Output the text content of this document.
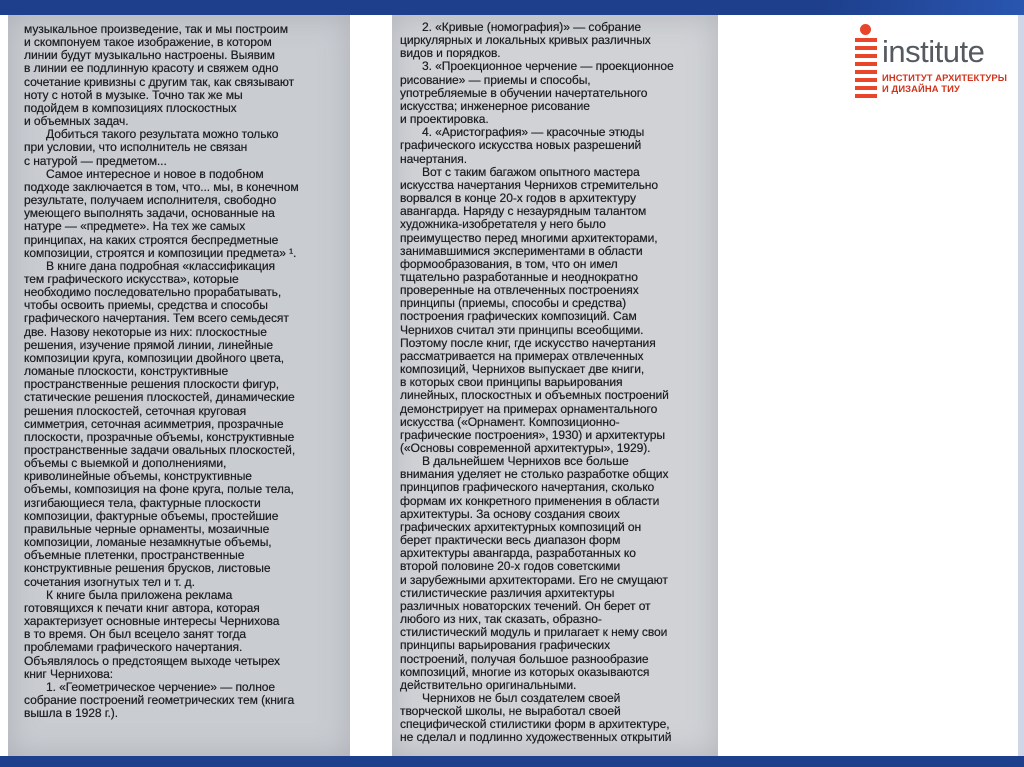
музыкальное произведение, так и мы построим

и скомпонуем такое изображение, в котором

линии будут музыкально настроены. Выявим

в линии ее подлинную красоту и свяжем одно

сочетание кривизны с другим так, как связывают

ноту с нотой в музыке. Точно так же мы

подойдем в композициях плоскостных

и объемных задач.

Добиться такого результата можно только

при условии, что исполнитель не связан

с натурой — предметом...

Самое интересное и новое в подобном

подходе заключается в том, что... мы, в конечном

результате, получаем исполнителя, свободно

умеющего выполнять задачи, основанные на

натуре — «предмете». На тех же самых

принципах, на каких строятся беспредметные

композиции, строятся и композиции предмета» ¹.

В книге дана подробная «классификация

тем графического искусства», которые

необходимо последовательно прорабатывать,

чтобы освоить приемы, средства и способы

графического начертания. Тем всего семьдесят

две. Назову некоторые из них: плоскостные

решения, изучение прямой линии, линейные

композиции круга, композиции двойного цвета,

ломаные плоскости, конструктивные

пространственные решения плоскости фигур,

статические решения плоскостей, динамические

решения плоскостей, сеточная круговая

симметрия, сеточная асимметрия, прозрачные

плоскости, прозрачные объемы, конструктивные

пространственные задачи овальных плоскостей,

объемы с выемкой и дополнениями,

криволинейные объемы, конструктивные

объемы, композиция на фоне круга, полые тела,

изгибающиеся тела, фактурные плоскости

композиции, фактурные объемы, простейшие

правильные черные орнаменты, мозаичные

композиции, ломаные незамкнутые объемы,

объемные плетенки, пространственные

конструктивные решения брусков, листовые

сочетания изогнутых тел и т. д.

К книге была приложена реклама

готовящихся к печати книг автора, которая

характеризует основные интересы Чернихова

в то время. Он был всецело занят тогда

проблемами графического начертания.

Объявлялось о предстоящем выходе четырех

книг Чернихова:

1. «Геометрическое черчение» — полное

собрание построений геометрических тем (книга

вышла в 1928 г.).

2. «Кривые (номография)» — собрание

циркулярных и локальных кривых различных

видов и порядков.

3. «Проекционное черчение — проекционное

рисование» — приемы и способы,

употребляемые в обучении начертательного

искусства; инженерное рисование

и проектировка.

4. «Аристография» — красочные этюды

графического искусства новых разрешений

начертания.

Вот с таким багажом опытного мастера

искусства начертания Чернихов стремительно

ворвался в конце 20-х годов в архитектуру

авангарда. Наряду с незаурядным талантом

художника-изобретателя у него было

преимущество перед многими архитекторами,

занимавшимися экспериментами в области

формообразования, в том, что он имел

тщательно разработанные и неоднократно

проверенные на отвлеченных построениях

принципы (приемы, способы и средства)

построения графических композиций. Сам

Чернихов считал эти принципы всеобщими.

Поэтому после книг, где искусство начертания

рассматривается на примерах отвлеченных

композиций, Чернихов выпускает две книги,

в которых свои принципы варьирования

линейных, плоскостных и объемных построений

демонстрирует на примерах орнаментального

искусства («Орнамент. Композиционно-

графические построения», 1930) и архитектуры

(«Основы современной архитектуры», 1929).

В дальнейшем Чернихов все больше

внимания уделяет не столько разработке общих

принципов графического начертания, сколько

формам их конкретного применения в области

архитектуры. За основу создания своих

графических архитектурных композиций он

берет практически весь диапазон форм

архитектуры авангарда, разработанных ко

второй половине 20-х годов советскими

и зарубежными архитекторами. Его не смущают

стилистические различия архитектуры

различных новаторских течений. Он берет от

любого из них, так сказать, образно-

стилистический модуль и прилагает к нему свои

принципы варьирования графических

построений, получая большое разнообразие

композиций, многие из которых оказываются

действительно оригинальными.

Чернихов не был создателем своей

творческой школы, не выработал своей

специфической стилистики форм в архитектуре,

не сделал и подлинно художественных открытий

institute
ИНСТИТУТ АРХИТЕКТУРЫ
И ДИЗАЙНА ТИУ
